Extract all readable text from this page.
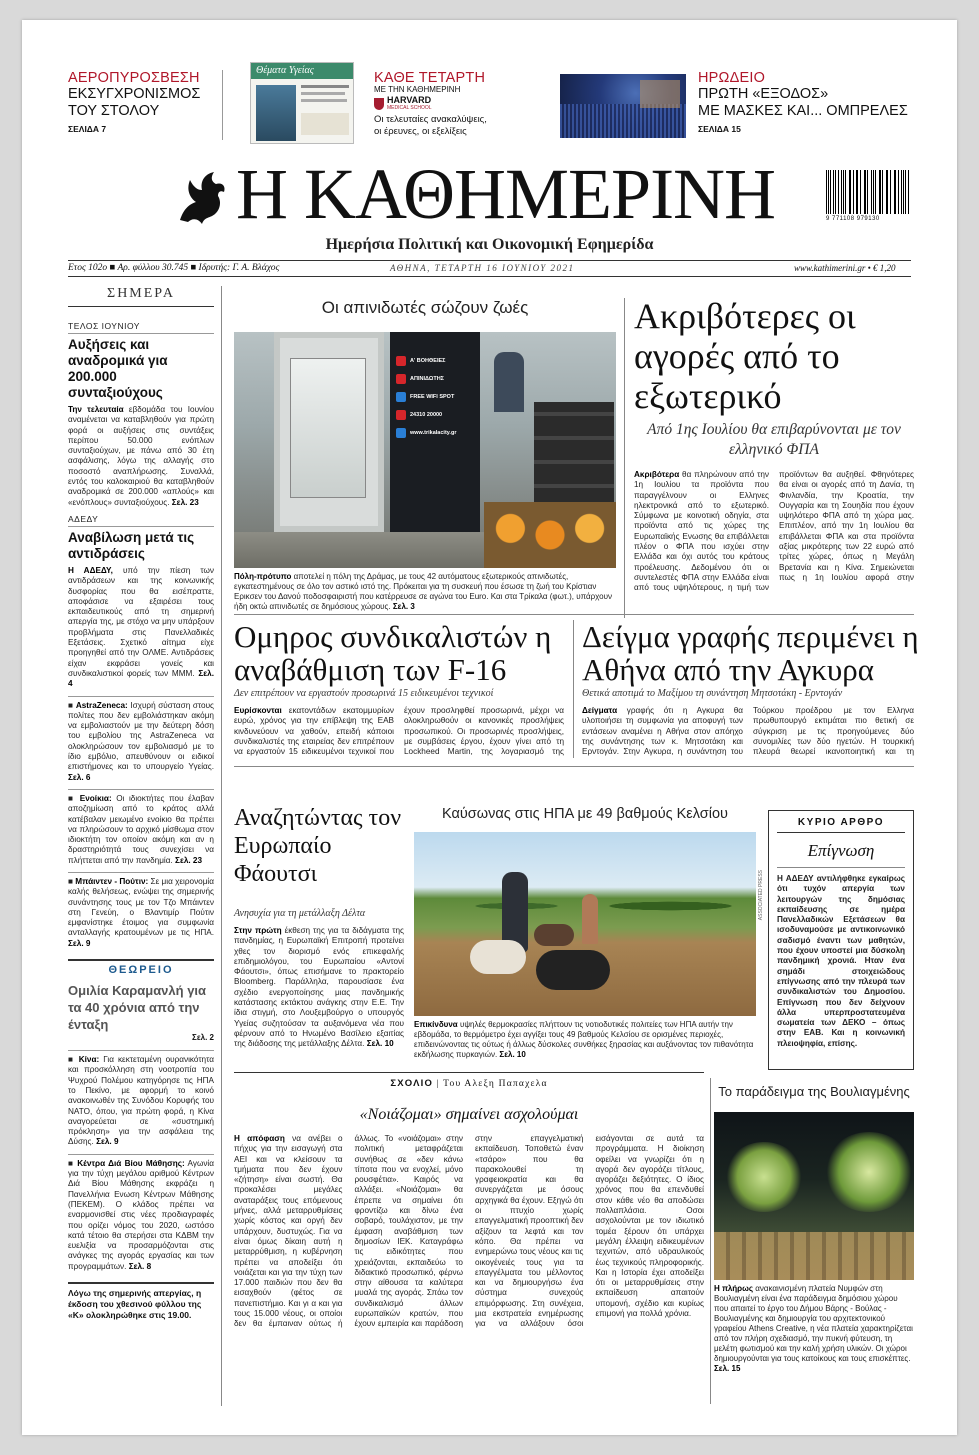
ΑΕΡΟΠΥΡΟΣΒΕΣΗ
ΕΚΣΥΓΧΡΟΝΙΣΜΟΣ
ΤΟΥ ΣΤΟΛΟΥ
ΣΕΛΙΔΑ 7
Θέματα Υγείας	ΚΑΘΕ ΤΕΤΑΡΤΗ
ΜΕ ΤΗΝ ΚΑΘΗΜΕΡΙΝΗ
HARVARD
MEDICAL SCHOOL
Οι τελευταίες ανακαλύψεις,
οι έρευνες, οι εξελίξεις
ΗΡΩΔΕΙΟ
ΠΡΩΤΗ «ΕΞΟΔΟΣ»
ΜΕ ΜΑΣΚΕΣ ΚΑΙ... ΟΜΠΡΕΛΕΣ
ΣΕΛΙΔΑ 15
Η ΚΑΘΗΜΕΡΙΝΗ	9 771108 979130
Ημερήσια Πολιτική και Οικονομική Εφημερίδα
Ετος 102ο ■ Αρ. φύλλου 30.745 ■ Ιδρυτής: Γ. Α. Βλάχος	ΑΘΗΝΑ, ΤΕΤΑΡΤΗ 16 ΙΟΥΝΙΟΥ 2021	www.kathimerini.gr • € 1,20
ΣΗΜΕΡΑ
ΤΕΛΟΣ ΙΟΥΝΙΟΥ
Αυξήσεις και αναδρομικά για 200.000 συνταξιούχους
Την τελευταία εβδομάδα του Ιουνίου αναμένεται να καταβληθούν για πρώτη φορά οι αυξήσεις στις συντάξεις περίπου 50.000 ενόπλων συνταξιούχων, με πάνω από 30 έτη ασφάλισης, λόγω της αλλαγής στο ποσοστό αναπλήρωσης. Συναλλά, εντός του καλοκαιριού θα καταβληθούν αναδρομικά σε 200.000 «απλούς» και «ενόπλους» συνταξιούχους. Σελ. 23
ΑΔΕΔΥ
Αναβίλωση μετά τις αντιδράσεις
Η ΑΔΕΔΥ, υπό την πίεση των αντιδράσεων και της κοινωνικής δυσφορίας που θα εισέπραττε, αποφάσισε να εξαιρέσει τους εκπαιδευτικούς από τη σημερινή απεργία της, με στόχο να μην υπάρξουν προβλήματα στις Πανελλαδικές Εξετάσεις. Σχετικό αίτημα είχε προηγηθεί από την ΟΛΜΕ. Αντιδράσεις είχαν εκφράσει γονείς και συνδικαλιστικοί φορείς των ΜΜΜ. Σελ. 4
■ AstraZeneca: Ισχυρή σύσταση στους πολίτες που δεν εμβολιάστηκαν ακόμη να εμβολιαστούν με την δεύτερη δόση του εμβολίου της AstraZeneca να ολοκληρώσουν τον εμβολιασμό με το ίδιο εμβόλιο, απευθύνουν οι ειδικοί επιστήμονες και το υπουργείο Υγείας. Σελ. 6
■ Ενοίκια: Οι ιδιοκτήτες που έλαβαν αποζημίωση από το κράτος αλλά κατέβαλαν μειωμένο ενοίκιο θα πρέπει να πληρώσουν το αρχικό μίσθωμα στον ιδιοκτήτη τον οποίον ακόμη και αν η δραστηριότητά τους συνεχίσει να πλήττεται από την πανδημία. Σελ. 23
■ Μπάιντεν - Πούτιν: Σε μια χειρονομία καλής θελήσεως, ενώψει της σημερινής συνάντησης τους με τον Τζο Μπάιντεν στη Γενεύη, ο Βλαντιμίρ Πούτιν εμφανίστηκε έτοιμος για συμφωνία ανταλλαγής κρατουμένων με τις ΗΠΑ. Σελ. 9
ΘΕΩΡΕΙΟ
Ομιλία Καραμανλή για τα 40 χρόνια από την ένταξη
Σελ. 2
■ Κίνα: Για κεκτεταμένη ουρανικότητα και προσκόλληση στη νοοτροπία του Ψυχρού Πολέμου κατηγόρησε τις ΗΠΑ το Πεκίνο, με αφορμή το κοινό ανακοινωθέν της Συνόδου Κορυφής του ΝΑΤΟ, όπου, για πρώτη φορά, η Κίνα αναγορεύεται σε «συστημική πρόκληση» για την ασφάλεια της Δύσης. Σελ. 9
■ Κέντρα Διά Βίου Μάθησης: Αγωνία για την τύχη μεγάλου αριθμού Κέντρων Διά Βίου Μάθησης εκφράζει η Πανελλήνια Ενωση Κέντρων Μάθησης (ΠΕΚΕΜ). Ο κλάδος πρέπει να εναρμονισθεί στις νέες προδιαγραφές που ορίζει νόμος του 2020, ωστόσο κατά τέτοιο θα στερήσει στα ΚΔΒΜ την ευελιξία να προσαρμόζονται στις ανάγκες της αγοράς εργασίας και των προγραμμάτων. Σελ. 8
Λόγω της σημερινής απεργίας, η έκδοση του χθεσινού φύλλου της «Κ» ολοκληρώθηκε στις 19.00.
Οι απινιδωτές σώζουν ζωές
Α' ΒΟΗΘΕΙΕΣ
ΑΠΙΝΙΔΩΤΗΣ
FREE WIFI SPOT
24310 20000
www.trikalacity.gr
Πόλη-πρότυπο αποτελεί η πόλη της Δράμας, με τους 42 αυτόματους εξωτερικούς απινιδωτές, εγκατεστημένους σε όλο τον αστικό ιστό της. Πρόκειται για τη συσκευή που έσωσε τη ζωή του Κρίστιαν Ερικσεν του Δανού ποδοσφαιριστή που κατέρρευσε σε αγώνα του Euro. Και στα Τρίκαλα (φωτ.), υπάρχουν ήδη οκτώ απινιδωτές σε δημόσιους χώρους. Σελ. 3
Ακριβότερες οι αγορές από το εξωτερικό
Από 1ης Ιουλίου θα επιβαρύνονται με τον ελληνικό ΦΠΑ
Ακριβότερα θα πληρώνουν από την 1η Ιουλίου τα προϊόντα που παραγγέλνουν οι Ελληνες ηλεκτρονικά από το εξωτερικό. Σύμφωνα με κοινοτική οδηγία, στα προϊόντα από τις χώρες της Ευρωπαϊκής Ενωσης θα επιβάλλεται πλέον ο ΦΠΑ που ισχύει στην Ελλάδα και όχι αυτός του κράτους προέλευσης. Δεδομένου ότι οι συντελεστές ΦΠΑ στην Ελλάδα είναι από τους υψηλότερους, η τιμή των προϊόντων θα αυξηθεί. Φθηνότερες θα είναι οι αγορές από τη Δανία, τη Φινλανδία, την Κροατία, την Ουγγαρία και τη Σουηδία που έχουν υψηλότερο ΦΠΑ από τη χώρα μας. Επιπλέον, από την 1η Ιουλίου θα επιβάλλεται ΦΠΑ και στα προϊόντα αξίας μικρότερης των 22 ευρώ από τρίτες χώρες, όπως η Μεγάλη Βρετανία και η Κίνα. Σημειώνεται πως η 1η Ιουλίου αφορά στην
Ομηρος συνδικαλιστών η αναβάθμιση των F-16
Δεν επιτρέπουν να εργαστούν προσωρινά 15 ειδικευμένοι τεχνικοί
Ευρίσκονται εκατοντάδων εκατομμυρίων ευρώ, χρόνος για την επίβλεψη της ΕΑΒ κινδυνεύουν να χαθούν, επειδή κάποιοι συνδικαλιστές της εταιρείας δεν επιτρέπουν να εργαστούν 15 ειδικευμένοι τεχνικοί που έχουν προσληφθεί προσωρινά, μέχρι να ολοκληρωθούν οι κανονικές προσλήψεις προσωπικού. Οι προσωρινές προσλήψεις, με συμβάσεις έργου, έχουν γίνει από τη Lockheed Martin, της λογαριασμό της
Δείγμα γραφής περιμένει η Αθήνα από την Αγκυρα
Θετικά αποτιμά το Μαξίμου τη συνάντηση Μητσοτάκη - Ερντογάν
Δείγματα γραφής ότι η Αγκυρα θα υλοποιήσει τη συμφωνία για αποφυγή των εντάσεων αναμένει η Αθήνα στον απόηχο της συνάντησης των κ. Μητσοτάκη και Ερντογάν. Στην Αγκυρα, η συνάντηση του Τούρκου προέδρου με τον Ελληνα πρωθυπουργό εκτιμάται πιο θετική σε σύγκριση με τις προηγούμενες δύο συνομιλίες των δύο ηγετών. Η τουρκική πλευρά θεωρεί ικανοποιητική και τη
Αναζητώντας τον Ευρωπαίο Φάουτσι
Ανησυχία για τη μετάλλαξη Δέλτα
Στην πρώτη έκθεση της για τα διδάγματα της πανδημίας, η Ευρωπαϊκή Επιτροπή προτείνει χθες τον διορισμό ενός επικεφαλής επιδημιολόγου, του Ευρωπαίου «Αντονί Φάουτσι», όπως επισήμανε το πρακτορείο Bloomberg. Παράλληλα, παρουσίασε ένα σχέδιο ενεργοποίησης μιας πανδημικής κατάστασης εκτάκτου ανάγκης στην Ε.Ε. Την ίδια στιγμή, στο Λουξεμβούργο ο υπουργός Υγείας συζητούσαν τα αυξανόμενα νέα που φέρνουν από το Ηνωμένο Βασίλειο εξαιτίας της διάδοσης της μετάλλαξης Δέλτα. Σελ. 10
Καύσωνας στις ΗΠΑ με 49 βαθμούς Κελσίου
ASSOCIATED PRESS
Επικίνδυνα υψηλές θερμοκρασίες πλήττουν τις νοτιοδυτικές πολιτείες των ΗΠΑ αυτήν την εβδομάδα, το θερμόμετρο έχει αγγίξει τους 49 βαθμούς Κελσίου σε ορισμένες περιοχές, επιδεινώνοντας τις ούτως ή άλλως δύσκολες συνθήκες ξηρασίας και αυξάνοντας τον πιθανότητα εκδήλωσης πυρκαγιών. Σελ. 10
ΚΥΡΙΟ ΑΡΘΡΟ
Επίγνωση
Η ΑΔΕΔΥ αντιλήφθηκε εγκαίρως ότι τυχόν απεργία των λειτουργών της δημόσιας εκπαίδευσης σε ημέρα Πανελλαδικών Εξετάσεων θα ισοδυναμούσε με αντικοινωνικό σαδισμό έναντι των μαθητών, που έχουν υποστεί μια δύσκολη πανδημική χρονιά. Ηταν ένα σημάδι στοιχειώδους επίγνωσης από την πλευρά των συνδικαλιστών του Δημοσίου. Επίγνωση που δεν δείχνουν άλλα υπερπροστατευμένα σωματεία των ΔΕΚΟ – όπως στην ΕΑΒ. Και η κοινωνική πλειοψηφία, επίσης.
ΣΧΟΛΙΟ | Του Αλεξη Παπαχελα
«Νοιάζομαι» σημαίνει ασχολούμαι
Η απόφαση να ανέβει ο πήχυς για την εισαγωγή στα ΑΕΙ και να κλείσουν τα τμήματα που δεν έχουν «ζήτηση» είναι σωστή. Θα προκαλέσει μεγάλες αναταράξεις τους επόμενους μήνες, αλλά μεταρρυθμίσεις χωρίς κόστος και οργή δεν υπάρχουν, δυστυχώς. Για να είναι όμως δίκαιη αυτή η μεταρρύθμιση, η κυβέρνηση πρέπει να αποδείξει ότι νοιάζεται και για την τύχη των 17.000 παιδιών που δεν θα εισαχθούν (φέτος σε πανεπιστήμιο. Και γι α και για τους 15.000 νέους, οι οποίοι δεν θα έμπαιναν ούτως ή άλλως. Το «νοιάζομαι» στην πολιτική μεταφράζεται συνήθως σε «δεν κάνω τίποτα που να ενοχλεί, μόνο ρουσφέτια». Καιρός να αλλάξει. «Νοιάζομαι» θα έπρεπε να σημαίνει ότι φροντίζω και δίνω ένα σοβαρό, τουλάχιστον, με την έμφαση αναβάθμιση των δημοσίων ΙΕΚ. Καταγράφω τις ειδικότητες που χρειάζονται, εκπαιδεύω το διδακτικό προσωπικό, φέρνω στην αίθουσα τα καλύτερα μυαλά της αγοράς. Σπάω τον συνδικαλισμό άλλων ευρωπαϊκών κρατών, που έχουν εμπειρία και παράδοση στην επαγγελματική εκπαίδευση. Τοποθετώ έναν «τσάρο» που θα παρακολουθεί τη γραφειοκρατία και θα συνεργάζεται με όσους αρχηγικά θα έχουν. Εξηγώ ότι οι πτυχίο χωρίς επαγγελματική προοπτική δεν αξίζουν τα λεφτά και τον κόπο. Θα πρέπει να ενημερώνω τους νέους και τις οικογένειές τους για τα επαγγέλματα του μέλλοντος και να δημιουργήσω ένα σύστημα συνεχούς επιμόρφωσης. Στη συνέχεια, μια εκστρατεία ενημέρωσης για να αλλάξουν όσοι εισάγονται σε αυτά τα προγράμματα. Η διοίκηση οφείλει να γνωρίζει ότι η αγορά δεν αγοράζει τίτλους, αγοράζει δεξιότητες. Ο ίδιος χρόνος που θα επενδυθεί στον κάθε νέο θα αποδώσει πολλαπλάσια. Οσοι ασχολούνται με τον ιδιωτικό τομέα ξέρουν ότι υπάρχει μεγάλη έλλειψη ειδικευμένων τεχνιτών, από υδραυλικούς έως τεχνικούς πληροφορικής. Και η Ιστορία έχει αποδείξει ότι οι μεταρρυθμίσεις στην εκπαίδευση απαιτούν υπομονή, σχέδιο και κυρίως επιμονή για πολλά χρόνια.
Το παράδειγμα της Βουλιαγμένης
Η πλήρως ανακαινισμένη πλατεία Νυμφών στη Βουλιαγμένη είναι ένα παράδειγμα δημόσιου χώρου που απαιτεί το έργο του Δήμου Βάρης - Βούλας - Βουλιαγμένης και δημιουργία του αρχιτεκτονικού γραφείου Athens Creative, η νέα πλατεία χαρακτηρίζεται από τον πλήρη σχεδιασμό, την πυκνή φύτευση, τη μελέτη φωτισμού και την καλή χρήση υλικών. Οι χώροι δημιουργούνται για τους κατοίκους και τους επισκέπτες. Σελ. 15
